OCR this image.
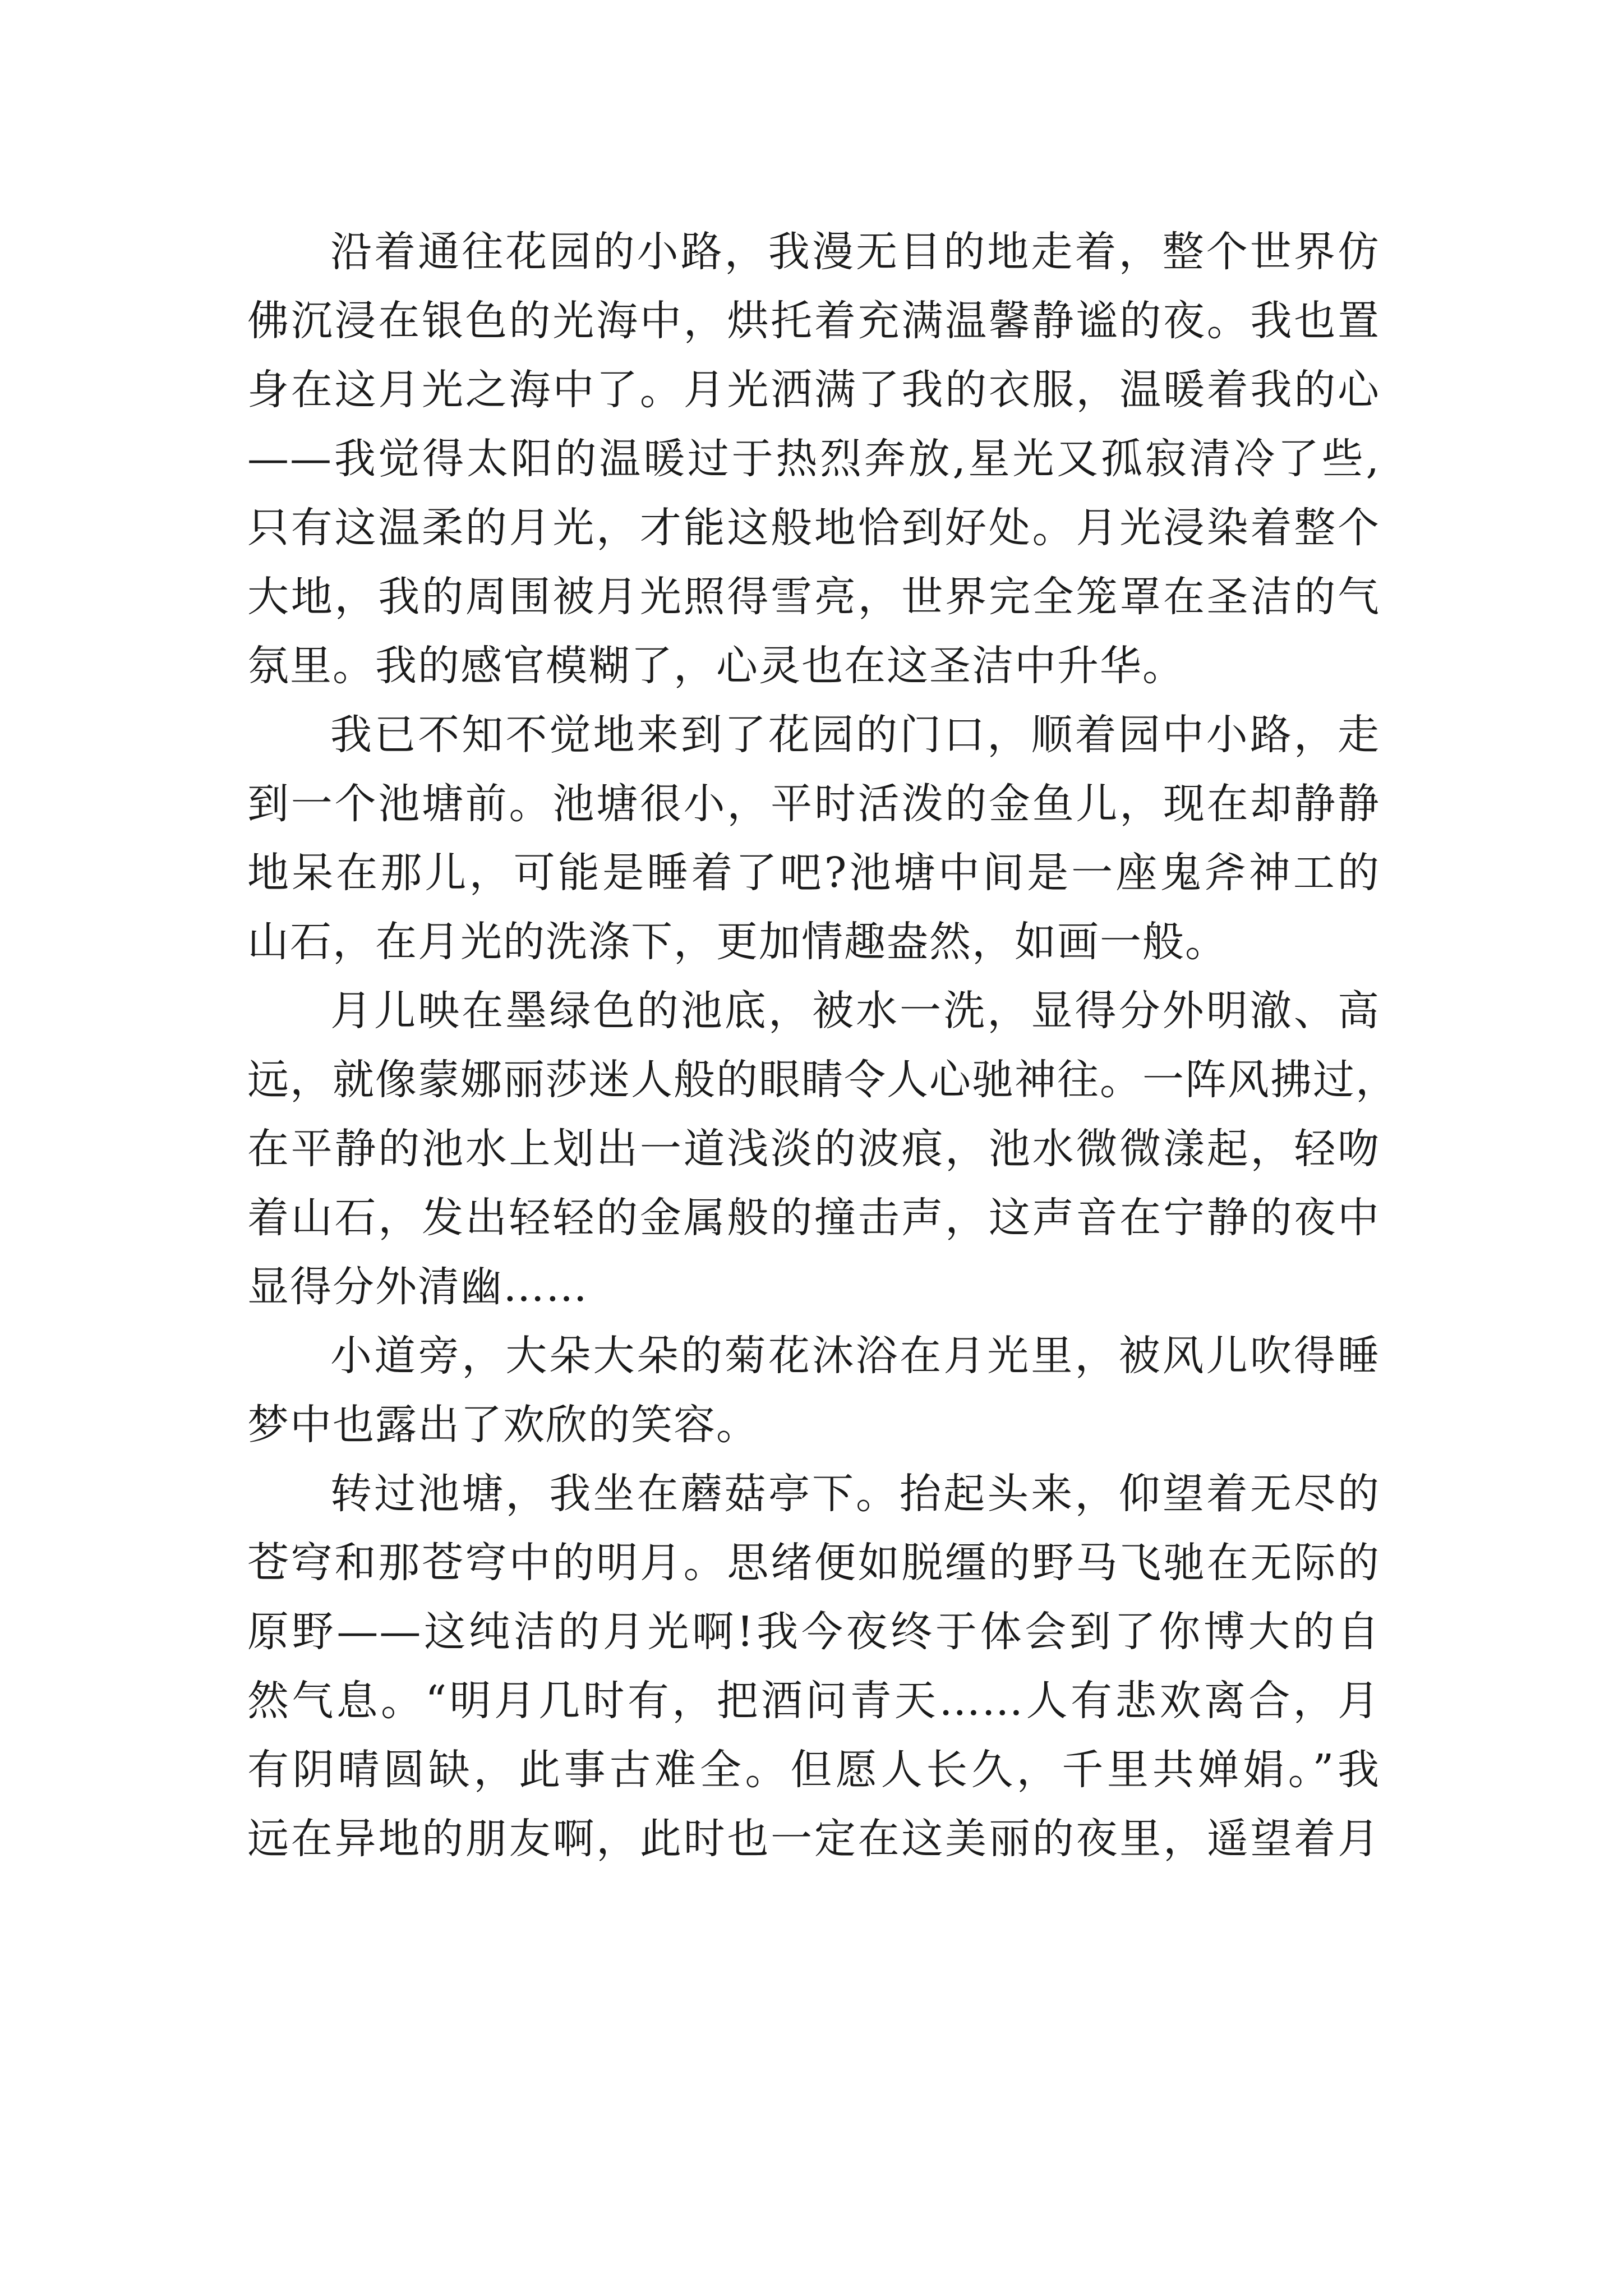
沿着通往花园的小路，我漫无目的地走着，整个世界仿
佛沉浸在银色的光海中，烘托着充满温馨静谧的夜。我也置
身在这月光之海中了。月光洒满了我的衣服，温暖着我的心
——我觉得太阳的温暖过于热烈奔放,星光又孤寂清冷了些,
只有这温柔的月光，才能这般地恰到好处。月光浸染着整个
大地，我的周围被月光照得雪亮，世界完全笼罩在圣洁的气
氛里。我的感官模糊了，心灵也在这圣洁中升华。
我已不知不觉地来到了花园的门口，顺着园中小路，走
到一个池塘前。池塘很小，平时活泼的金鱼儿，现在却静静
地呆在那儿，可能是睡着了吧?池塘中间是一座鬼斧神工的
山石，在月光的洗涤下，更加情趣盎然，如画一般。
月儿映在墨绿色的池底，被水一洗，显得分外明澈、高
远，就像蒙娜丽莎迷人般的眼睛令人心驰神往。一阵风拂过，
在平静的池水上划出一道浅淡的波痕，池水微微漾起，轻吻
着山石，发出轻轻的金属般的撞击声，这声音在宁静的夜中
显得分外清幽……
小道旁，大朵大朵的菊花沐浴在月光里，被风儿吹得睡
梦中也露出了欢欣的笑容。
转过池塘，我坐在蘑菇亭下。抬起头来，仰望着无尽的
苍穹和那苍穹中的明月。思绪便如脱缰的野马飞驰在无际的
原野——这纯洁的月光啊!我今夜终于体会到了你博大的自
然气息。“明月几时有，把酒问青天……人有悲欢离合，月
有阴晴圆缺，此事古难全。但愿人长久，千里共婵娟。”我
远在异地的朋友啊，此时也一定在这美丽的夜里，遥望着月
